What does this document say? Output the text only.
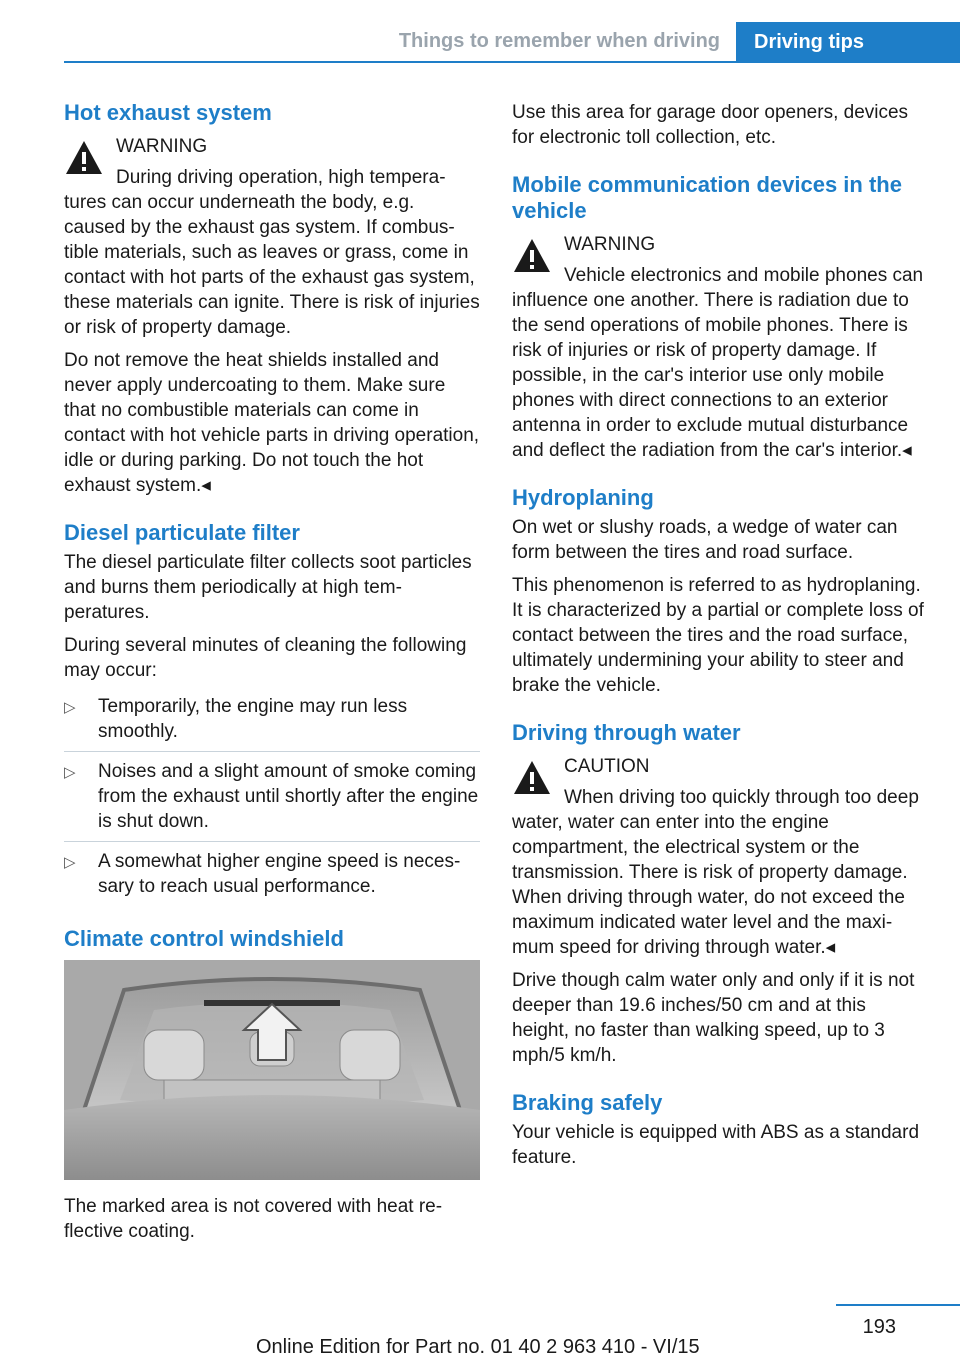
Things to remember when driving	Driving tips
Hot exhaust system

WARNING

During driving operation, high temperatures can occur underneath the body, e.g. caused by the exhaust gas system. If combustible materials, such as leaves or grass, come in contact with hot parts of the exhaust gas system, these materials can ignite. There is risk of injuries or risk of property damage.

Do not remove the heat shields installed and never apply undercoating to them. Make sure that no combustible materials can come in contact with hot vehicle parts in driving operation, idle or during parking. Do not touch the hot exhaust system.◂

Diesel particulate filter

The diesel particulate filter collects soot particles and burns them periodically at high temperatures.

During several minutes of cleaning the following may occur:

▷ Temporarily, the engine may run less smoothly.
▷ Noises and a slight amount of smoke coming from the exhaust until shortly after the engine is shut down.
▷ A somewhat higher engine speed is necessary to reach usual performance.
Climate control windshield

The marked area is not covered with heat reflective coating.

Use this area for garage door openers, devices for electronic toll collection, etc.

Mobile communication devices in the vehicle

WARNING

Vehicle electronics and mobile phones can influence one another. There is radiation due to the send operations of mobile phones. There is risk of injuries or risk of property damage. If possible, in the car's interior use only mobile phones with direct connections to an exterior antenna in order to exclude mutual disturbance and deflect the radiation from the car's interior.◂

Hydroplaning

On wet or slushy roads, a wedge of water can form between the tires and road surface.

This phenomenon is referred to as hydroplaning. It is characterized by a partial or complete loss of contact between the tires and the road surface, ultimately undermining your ability to steer and brake the vehicle.

Driving through water

CAUTION

When driving too quickly through too deep water, water can enter into the engine compartment, the electrical system or the transmission. There is risk of property damage. When driving through water, do not exceed the maximum indicated water level and the maximum speed for driving through water.◂

Drive though calm water only and only if it is not deeper than 19.6 inches/50 cm and at this height, no faster than walking speed, up to 3 mph/5 km/h.

Braking safely

Your vehicle is equipped with ABS as a standard feature.

193
Online Edition for Part no. 01 40 2 963 410 - VI/15
